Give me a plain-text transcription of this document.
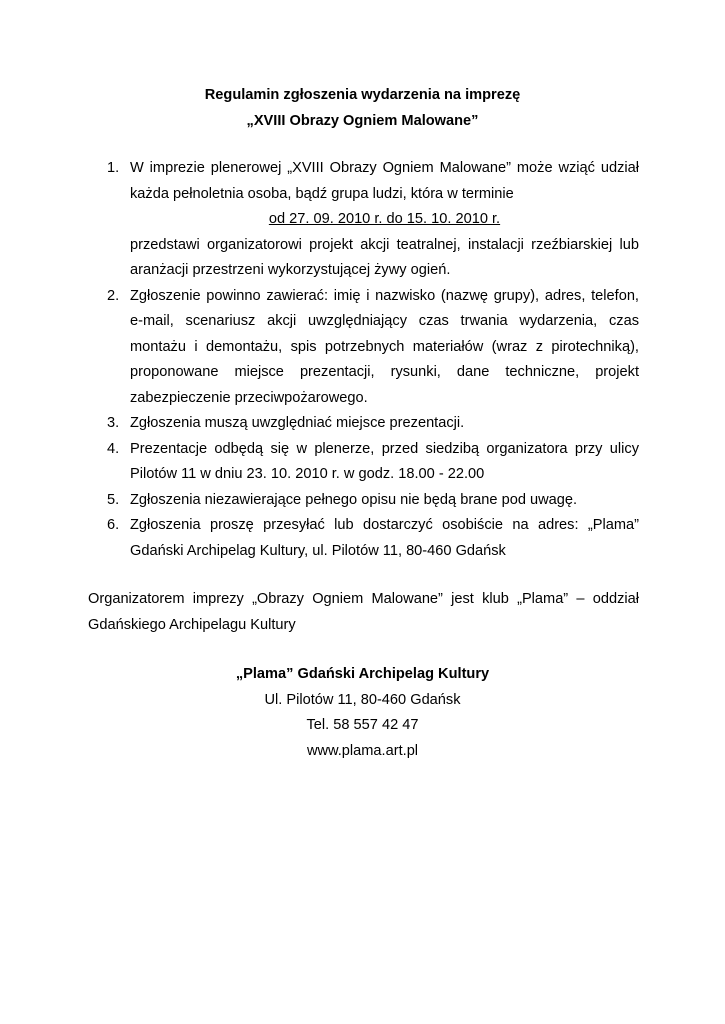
Regulamin zgłoszenia wydarzenia na imprezę
„XVIII Obrazy Ogniem Malowane”
1. W imprezie plenerowej „XVIII Obrazy Ogniem Malowane” może wziąć udział

każda pełnoletnia osoba, bądź grupa ludzi, która w terminie

od 27. 09. 2010 r. do 15. 10. 2010 r.

przedstawi organizatorowi projekt akcji teatralnej, instalacji rzeźbiarskiej lub

aranżacji przestrzeni wykorzystującej żywy ogień.

2. Zgłoszenie powinno zawierać: imię i nazwisko (nazwę grupy), adres, telefon,

e-mail, scenariusz akcji uwzględniający czas trwania wydarzenia, czas

montażu i demontażu, spis potrzebnych materiałów (wraz z pirotechniką),

proponowane miejsce prezentacji, rysunki, dane techniczne, projekt

zabezpieczenie przeciwpożarowego.

3. Zgłoszenia muszą uwzględniać miejsce prezentacji.

4. Prezentacje odbędą się w plenerze, przed siedzibą organizatora przy ulicy

Pilotów 11 w dniu 23. 10. 2010 r. w godz. 18.00 - 22.00

5. Zgłoszenia niezawierające pełnego opisu nie będą brane pod uwagę.

6. Zgłoszenia proszę przesyłać lub dostarczyć osobiście na adres: „Plama”

Gdański Archipelag Kultury, ul. Pilotów 11, 80-460 Gdańsk

Organizatorem imprezy „Obrazy Ogniem Malowane” jest klub „Plama” – oddział

Gdańskiego Archipelagu Kultury

„Plama” Gdański Archipelag Kultury
Ul. Pilotów 11, 80-460 Gdańsk
Tel. 58 557 42 47
www.plama.art.pl
